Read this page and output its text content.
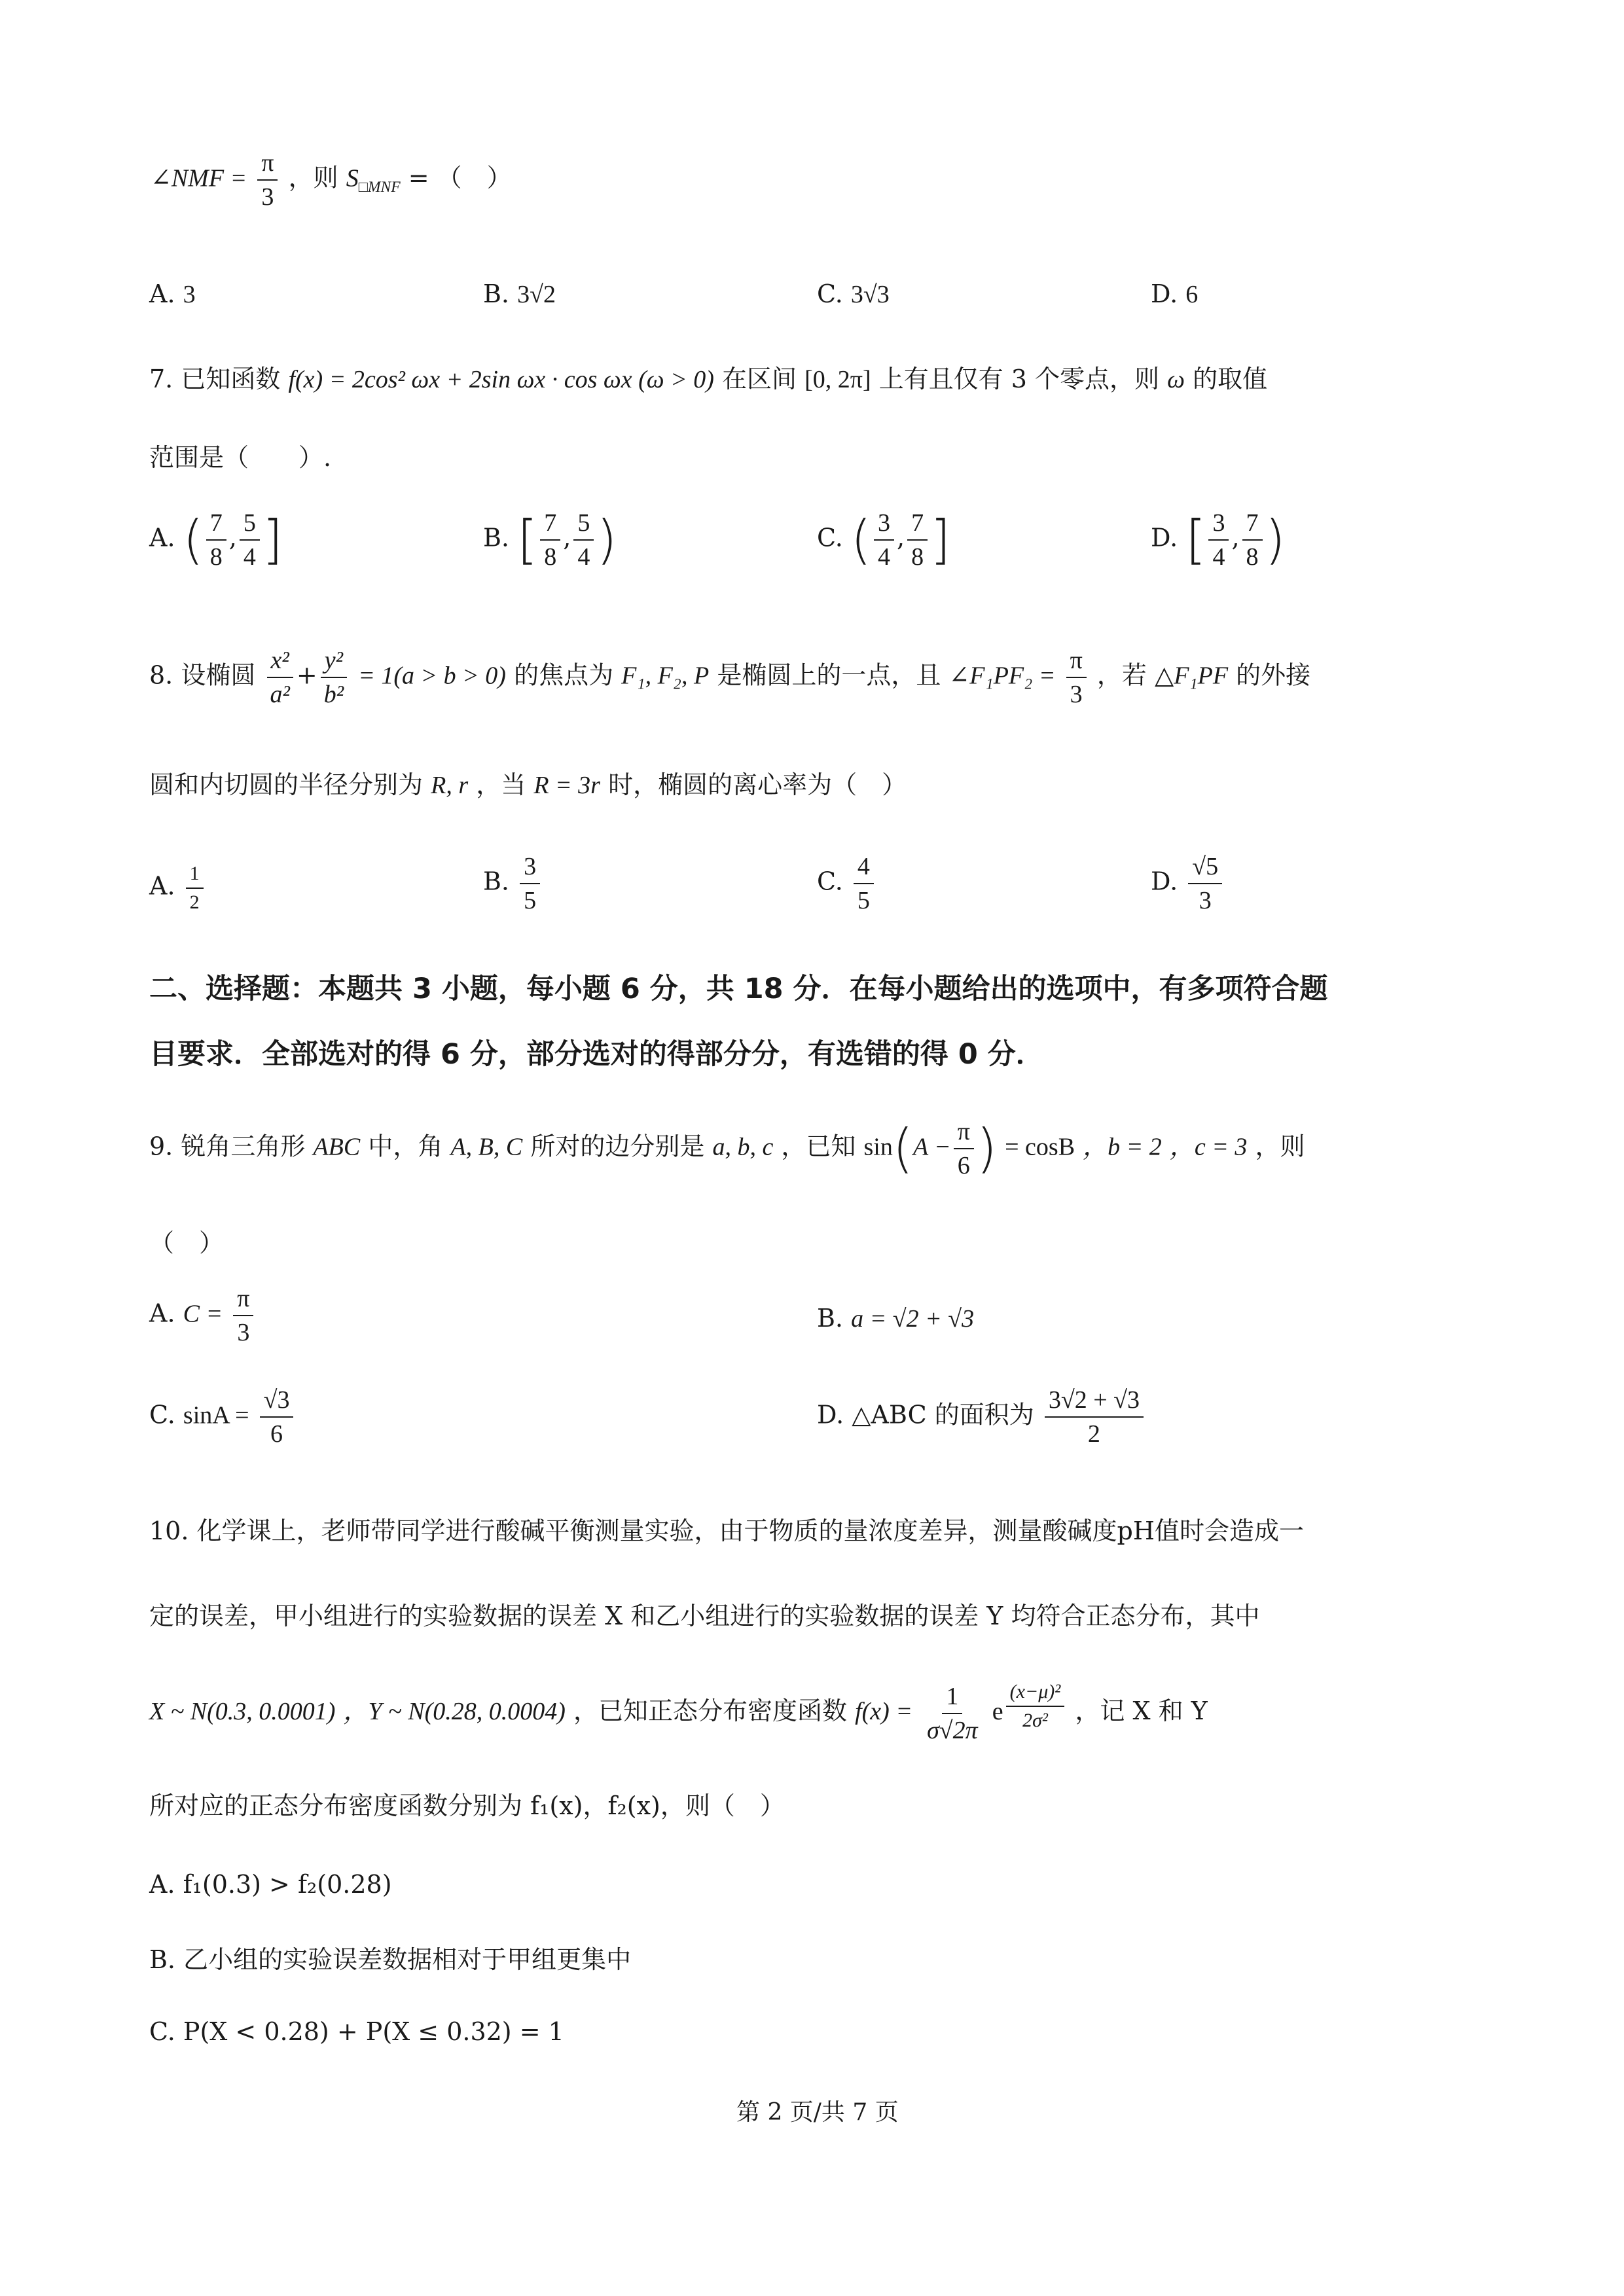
∠NMF = $\frac{\pi}{3}$ ，则 $S_{□MNF}$ = （　）
A. 3	B. 3√2	C. 3√3	D. 6
7. 已知函数 f(x) = 2cos² ωx + 2sin ωx · cos ωx (ω > 0) 在区间 [0, 2π] 上有且仅有 3 个零点，则 ω 的取值
范围是（　　）.
A. ( $\frac{7}{8}$ , $\frac{5}{4}$ ]	B. [ $\frac{7}{8}$ , $\frac{5}{4}$ )	C. ( $\frac{3}{4}$ , $\frac{7}{8}$ ]	D. [ $\frac{3}{4}$ , $\frac{7}{8}$ )
8. 设椭圆 $\frac{\text{x²}}{\text{a²}} + \frac{\text{y²}}{\text{b²}} = 1(a > b > 0)$ 的焦点为 F₁, F₂, P 是椭圆上的一点，且 ∠F₁PF₂ = $\frac{\pi}{3}$ ，若 △F₁PF 的外接
圆和内切圆的半径分别为 R, r ，当 R = 3r 时，椭圆的离心率为（　）
A. $\frac{1}{2}$	B. $\frac{3}{5}$	C. $\frac{4}{5}$	D. $\frac{√5}{3}$
二、选择题：本题共 3 小题，每小题 6 分，共 18 分．在每小题给出的选项中，有多项符合题
目要求．全部选对的得 6 分，部分选对的得部分分，有选错的得 0 分．
9. 锐角三角形 ABC 中，角 A, B, C 所对的边分别是 a, b, c ，已知 $\sin(A - \frac{\pi}{6}$ ) = cosB ，b = 2 ，c = 3 ，则
（　）
A. $C = \frac{\pi}{3}$	B. a = √2 + √3
C. $\sin A = \frac{√3}{6}$	D. △ABC 的面积为 $\frac{3√2 + √3}{2}$
10. 化学课上，老师带同学进行酸碱平衡测量实验，由于物质的量浓度差异，测量酸碱度pH值时会造成一
定的误差，甲小组进行的实验数据的误差 X 和乙小组进行的实验数据的误差 Y 均符合正态分布，其中
X ~ N(0.3, 0.0001) ，Y ~ N(0.28, 0.0004) ，已知正态分布密度函数 $f(x) = \frac{1}{\sigma√2\pi}$ e $^{\frac{\text{(x−μ)²}}{\text{2σ²}}}$ ，记 X 和 Y
所对应的正态分布密度函数分别为 f₁(x)，f₂(x)，则（　）
A. f₁(0.3) > f₂(0.28)
B. 乙小组的实验误差数据相对于甲组更集中
C. P(X < 0.28) + P(X ≤ 0.32) = 1
第 2 页/共 7 页
